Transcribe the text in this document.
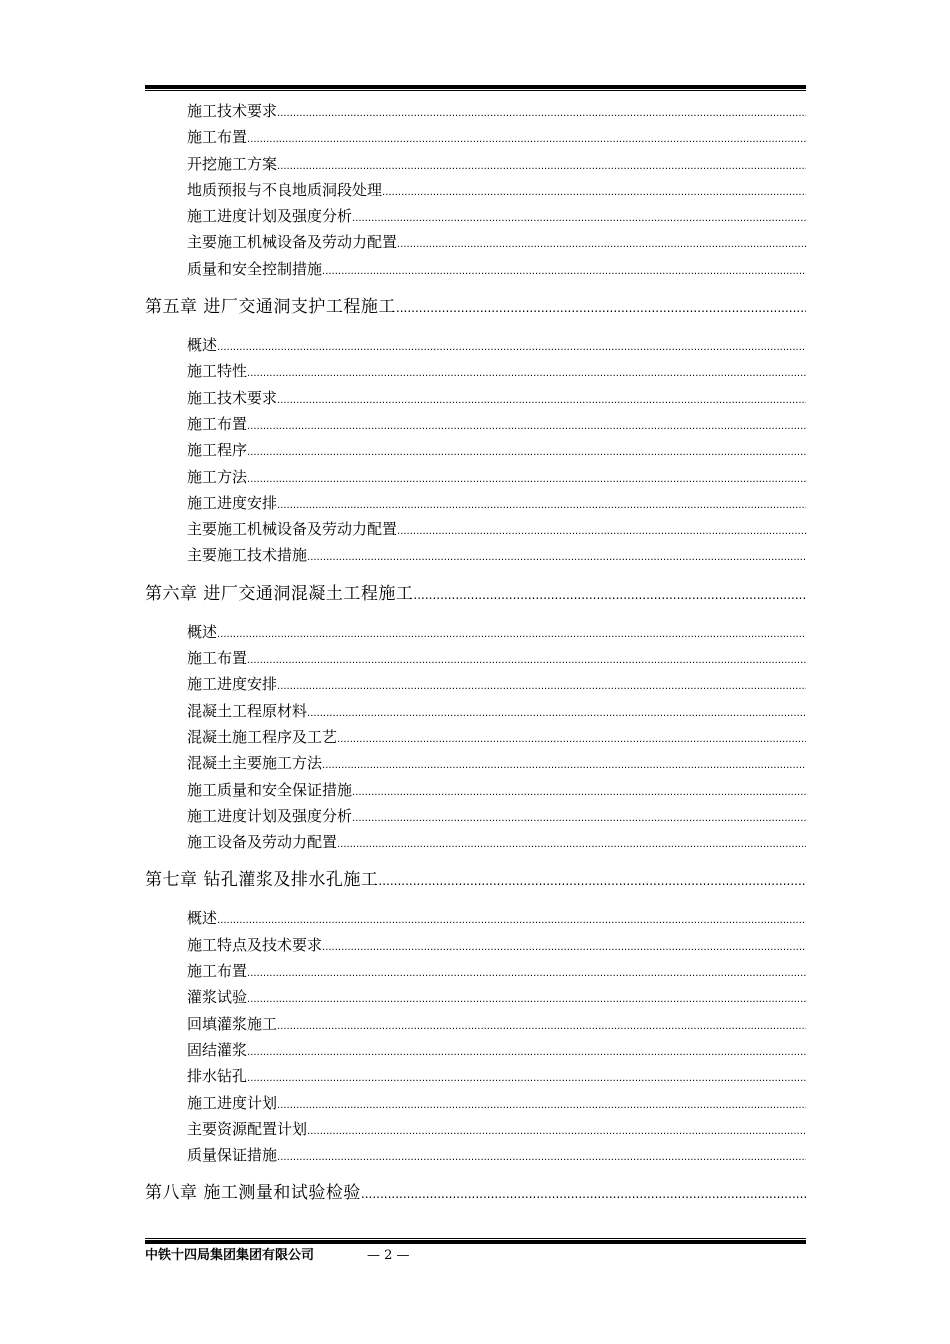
施工技术要求
.....
施工布置
.....
开挖施工方案
.....
地质预报与不良地质洞段处理
.....
施工进度计划及强度分析
.....
主要施工机械设备及劳动力配置
.....
质量和安全控制措施
.....
第五章 进厂交通洞支护工程施工
.....
概述
.....
施工特性
.....
施工技术要求
.....
施工布置
.....
施工程序
.....
施工方法
.....
施工进度安排
.....
主要施工机械设备及劳动力配置
.....
主要施工技术措施
.....
第六章 进厂交通洞混凝土工程施工
.....
概述
.....
施工布置
.....
施工进度安排
.....
混凝土工程原材料
.....
混凝土施工程序及工艺
.....
混凝土主要施工方法
.....
施工质量和安全保证措施
.....
施工进度计划及强度分析
.....
施工设备及劳动力配置
.....
第七章 钻孔灌浆及排水孔施工
.....
概述
.....
施工特点及技术要求
.....
施工布置
.....
灌浆试验
.....
回填灌浆施工
.....
固结灌浆
.....
排水钻孔
.....
施工进度计划
.....
主要资源配置计划
.....
质量保证措施
.....
第八章 施工测量和试验检验
.....
中铁十四局集团集团有限公司	— 2 —
